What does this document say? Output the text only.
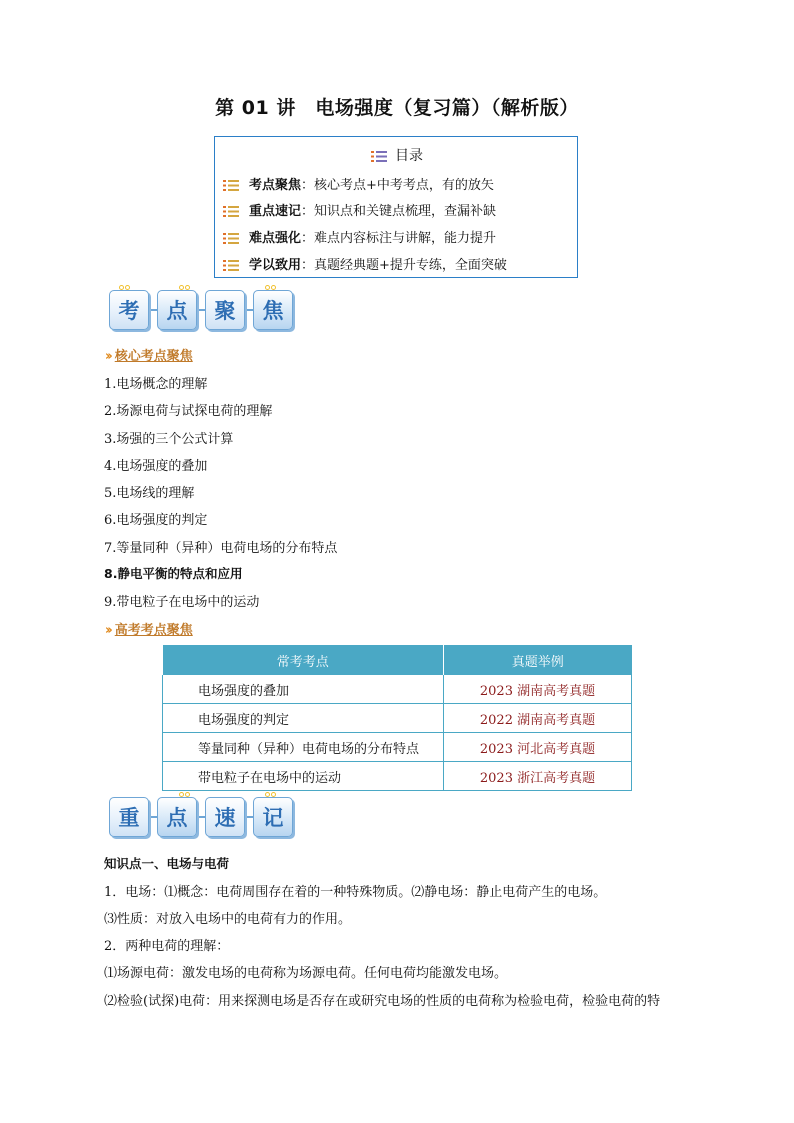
第 01 讲　电场强度（复习篇）（解析版）
目录
考点聚焦：核心考点+中考考点，有的放矢
重点速记：知识点和关键点梳理，查漏补缺
难点强化：难点内容标注与讲解，能力提升
学以致用：真题经典题+提升专练，全面突破
考	点	聚	焦
›› 核心考点聚焦
1.电场概念的理解
2.场源电荷与试探电荷的理解
3.场强的三个公式计算
4.电场强度的叠加
5.电场线的理解
6.电场强度的判定
7.等量同种（异种）电荷电场的分布特点
8.静电平衡的特点和应用
9.带电粒子在电场中的运动
›› 高考考点聚焦
常考考点	真题举例
电场强度的叠加	2023 湖南高考真题
电场强度的判定	2022 湖南高考真题
等量同种（异种）电荷电场的分布特点	2023 河北高考真题
带电粒子在电场中的运动	2023 浙江高考真题
重	点	速	记
知识点一、电场与电荷
1．电场：⑴概念：电荷周围存在着的一种特殊物质。⑵静电场：静止电荷产生的电场。
⑶性质：对放入电场中的电荷有力的作用。
2．两种电荷的理解：
⑴场源电荷：激发电场的电荷称为场源电荷。任何电荷均能激发电场。
⑵检验(试探)电荷：用来探测电场是否存在或研究电场的性质的电荷称为检验电荷，检验电荷的特
